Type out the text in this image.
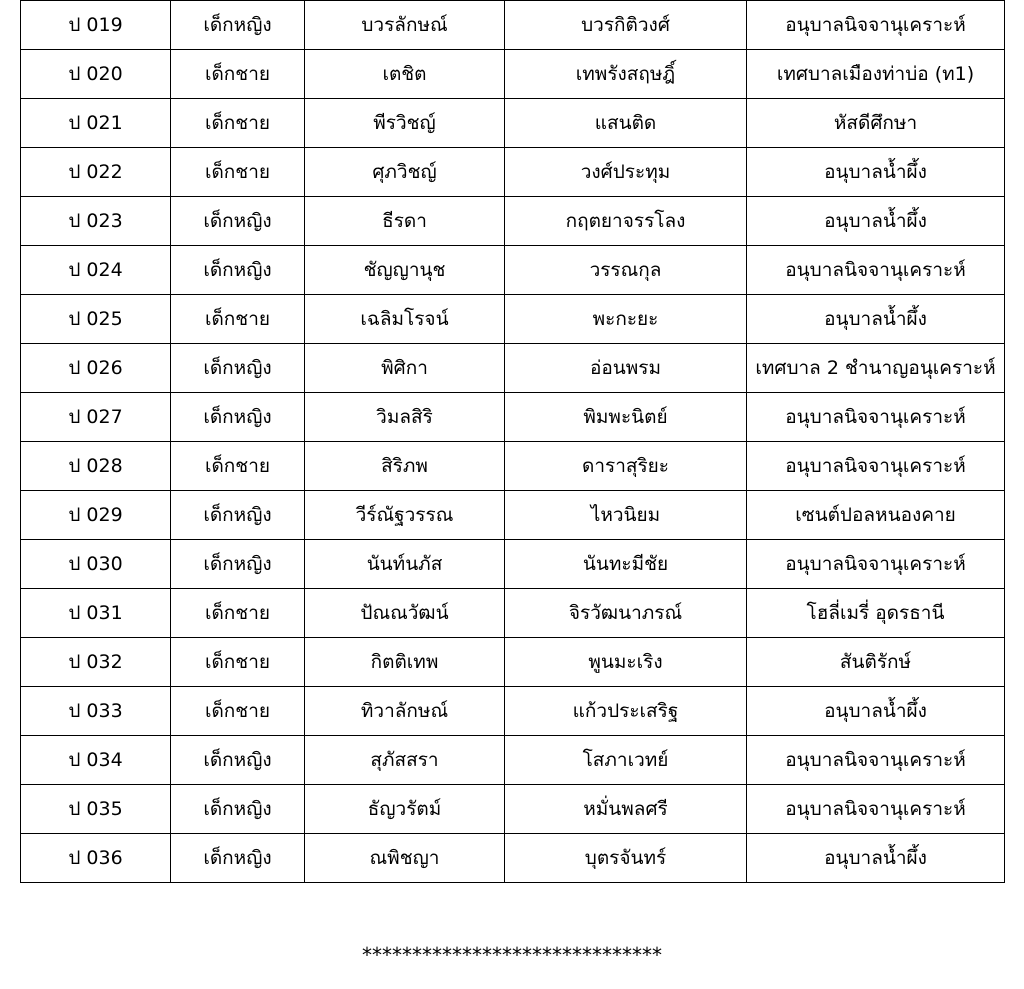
ป 019	เด็กหญิง	บวรลักษณ์	บวรกิติวงศ์	อนุบาลนิจจานุเคราะห์
ป 020	เด็กชาย	เตชิต	เทพรังสฤษฎิ์	เทศบาลเมืองท่าบ่อ (ท1)
ป 021	เด็กชาย	พีรวิชญ์	แสนติด	หัสดีศึกษา
ป 022	เด็กชาย	ศุภวิชญ์	วงศ์ประทุม	อนุบาลน้ำผึ้ง
ป 023	เด็กหญิง	ธีรดา	กฤตยาจรรโลง	อนุบาลน้ำผึ้ง
ป 024	เด็กหญิง	ชัญญานุช	วรรณกุล	อนุบาลนิจจานุเคราะห์
ป 025	เด็กชาย	เฉลิมโรจน์	พะกะยะ	อนุบาลน้ำผึ้ง
ป 026	เด็กหญิง	พิศิกา	อ่อนพรม	เทศบาล 2 ชำนาญอนุเคราะห์
ป 027	เด็กหญิง	วิมลสิริ	พิมพะนิตย์	อนุบาลนิจจานุเคราะห์
ป 028	เด็กชาย	สิริภพ	ดาราสุริยะ	อนุบาลนิจจานุเคราะห์
ป 029	เด็กหญิง	วีร์ณัฐวรรณ	ไหวนิยม	เซนต์ปอลหนองคาย
ป 030	เด็กหญิง	นันท์นภัส	นันทะมีชัย	อนุบาลนิจจานุเคราะห์
ป 031	เด็กชาย	ปัณณวัฒน์	จิรวัฒนาภรณ์	โฮลี่เมรี่ อุดรธานี
ป 032	เด็กชาย	กิตติเทพ	พูนมะเริง	สันติรักษ์
ป 033	เด็กชาย	ทิวาลักษณ์	แก้วประเสริฐ	อนุบาลน้ำผึ้ง
ป 034	เด็กหญิง	สุภัสสรา	โสภาเวทย์	อนุบาลนิจจานุเคราะห์
ป 035	เด็กหญิง	ธัญวรัตม์	หมั่นพลศรี	อนุบาลนิจจานุเคราะห์
ป 036	เด็กหญิง	ณพิชญา	บุตรจันทร์	อนุบาลน้ำผึ้ง
******************************
